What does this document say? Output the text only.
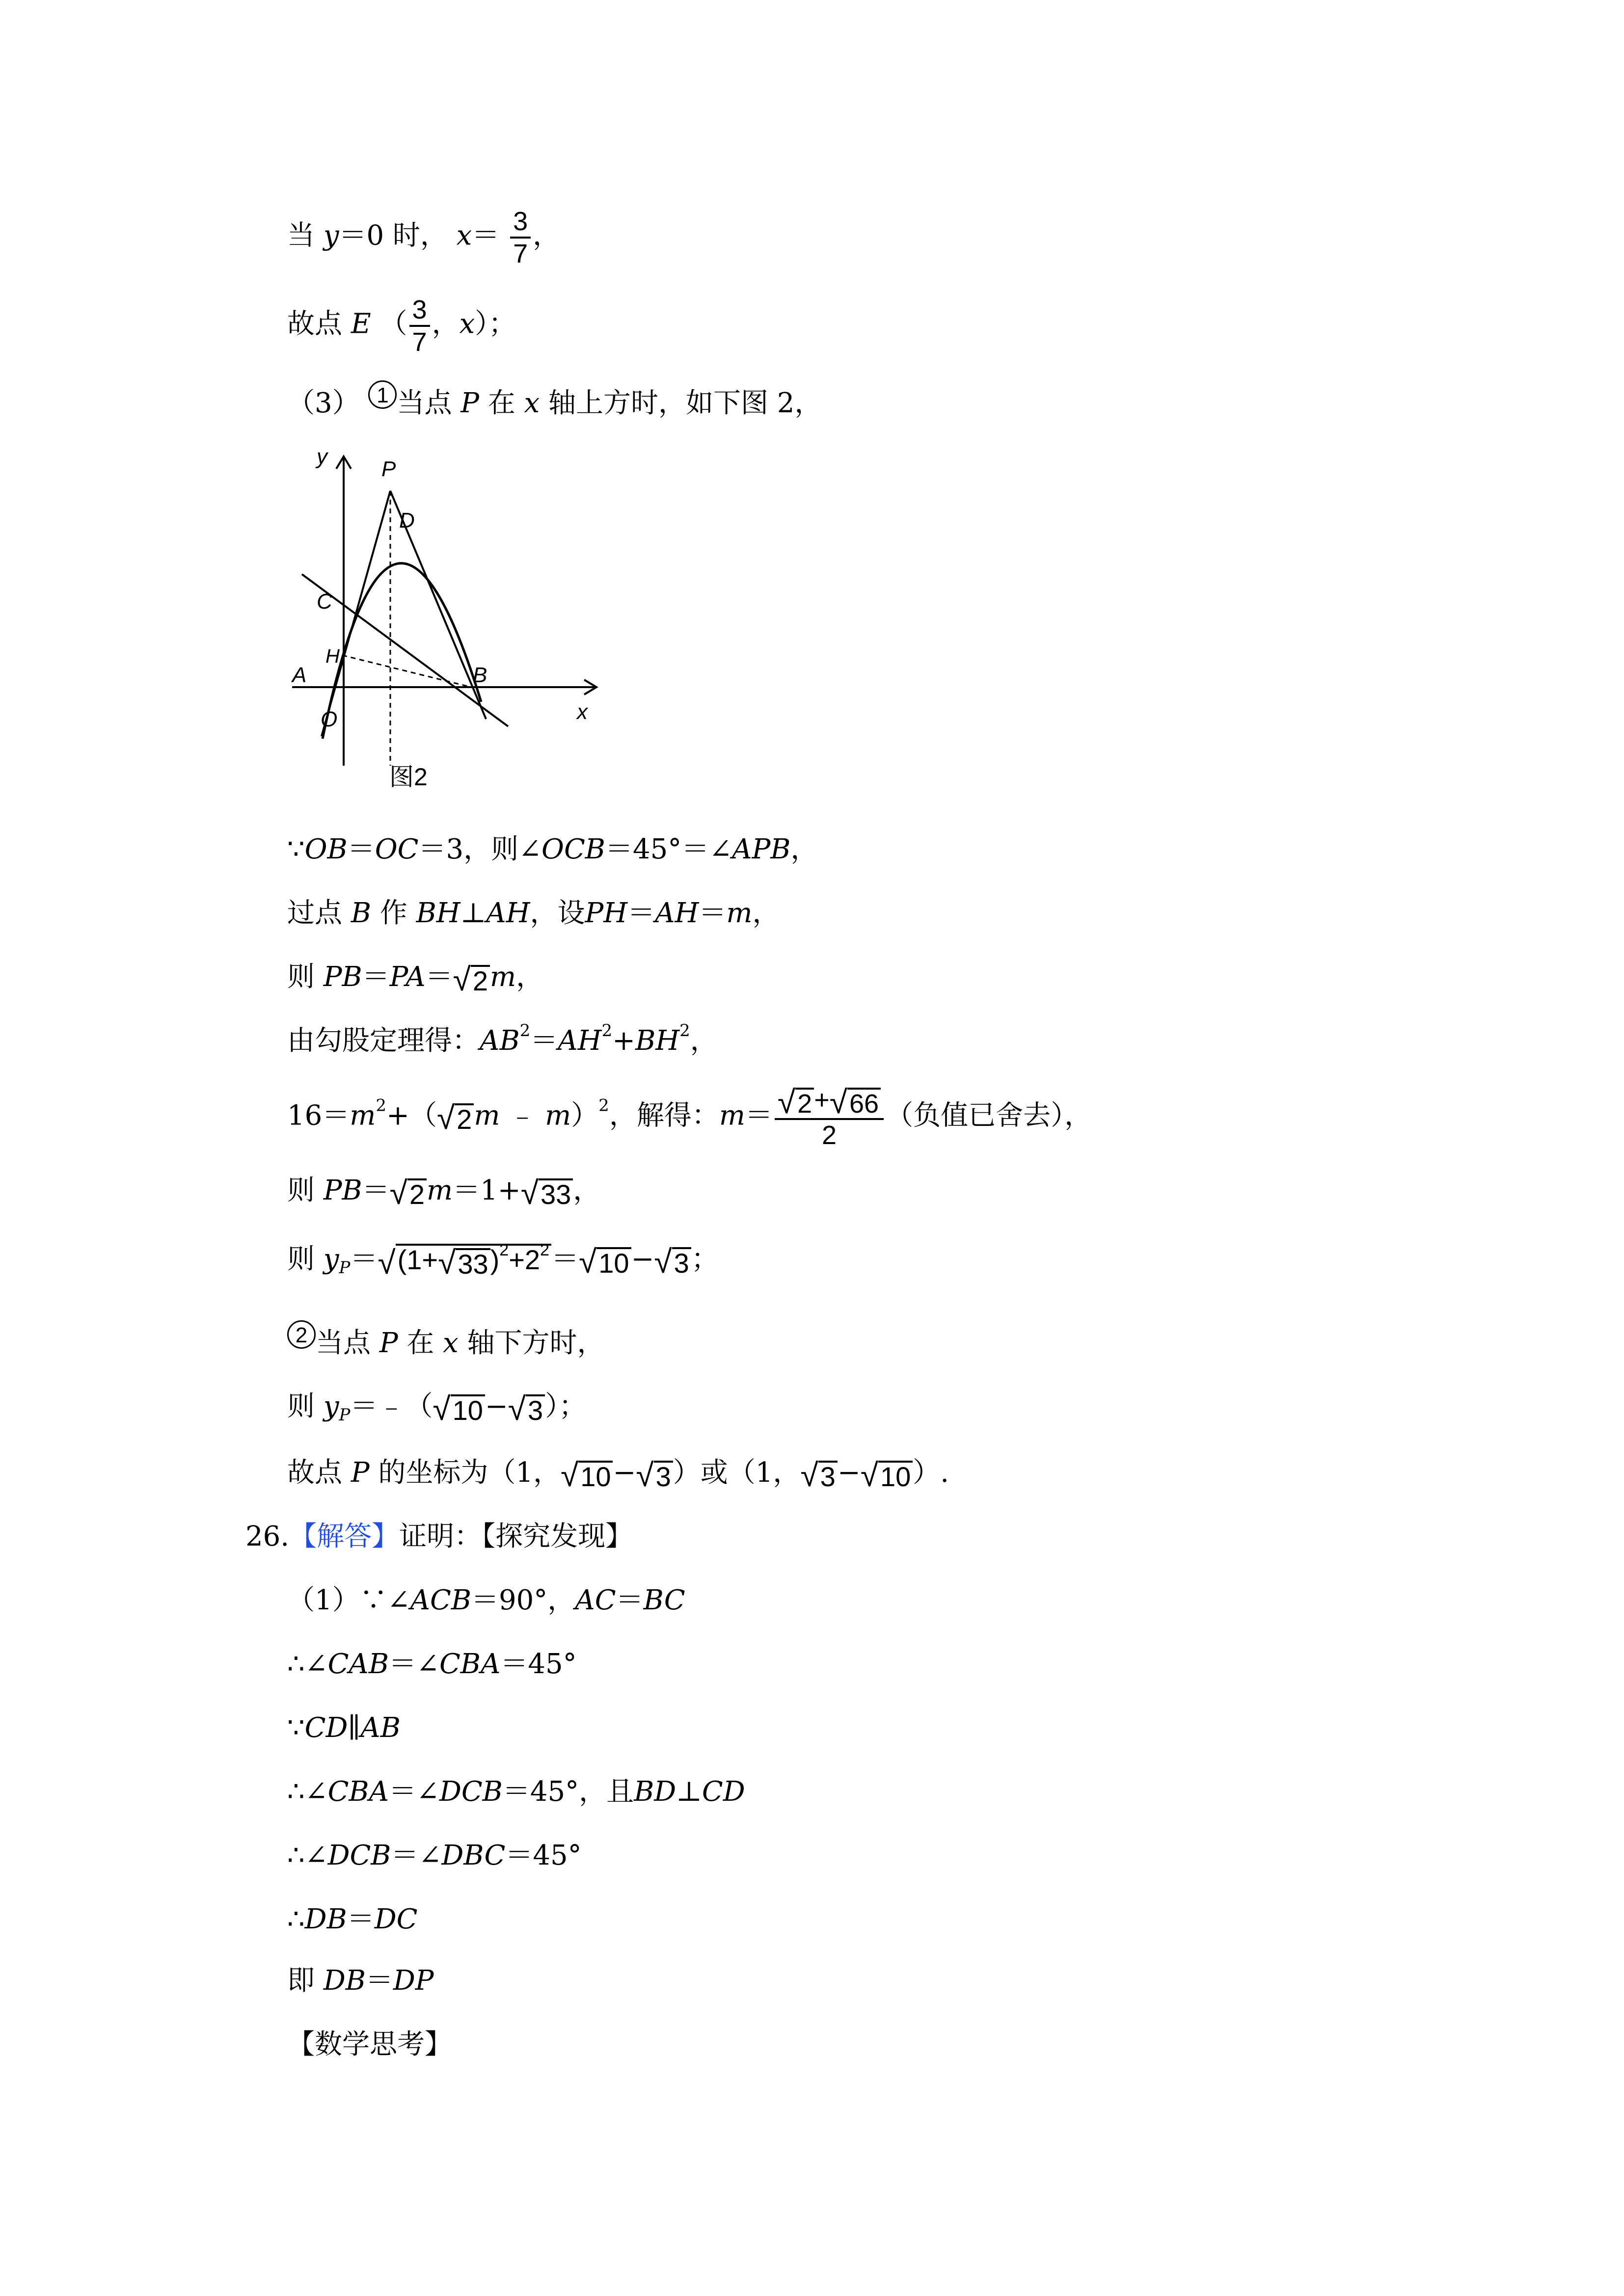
当 y＝0 时， $x= \frac{3}{7}$ ，
故点 E （ $\frac{3}{7}$ ，x）；
（3） 1 当点 P 在 x 轴上方时，如下图 2，
y
x
P
D
C
H
A
O
B
图2
∵OB＝OC＝3，则∠OCB＝45°＝∠APB，
过点 B 作 BH⊥AH，设PH＝AH＝m，
则 PB＝PA＝ √ 2 m，
由勾股定理得：$AB^2=AH^2+BH^2$，
$16=m^2+$（ √ 2 m ﹣ m）$^2$，解得：$m= \frac{√ 2 + √ 66}{2}$ （负值已舍去），
则 PB＝ √ 2 m＝1+ √ 33 ，
则 $y_P=$ √ (1+ √ 33 )$^2+2^2$ ＝ √ 10 − √ 3 ；
2 当点 P 在 x 轴下方时，
则 $y_P=﹣$（ √ 10 − √ 3 ）；
故点 P 的坐标为（1， √ 10 − √ 3 ）或（1， √ 3 − √ 10 ）.
26.【解答】证明：【探究发现】
（1）∵∠ACB＝90°，AC＝BC
∴∠CAB＝∠CBA＝45°
∵CD∥AB
∴∠CBA＝∠DCB＝45°，且BD⊥CD
∴∠DCB＝∠DBC＝45°
∴DB＝DC
即 DB＝DP
【数学思考】
